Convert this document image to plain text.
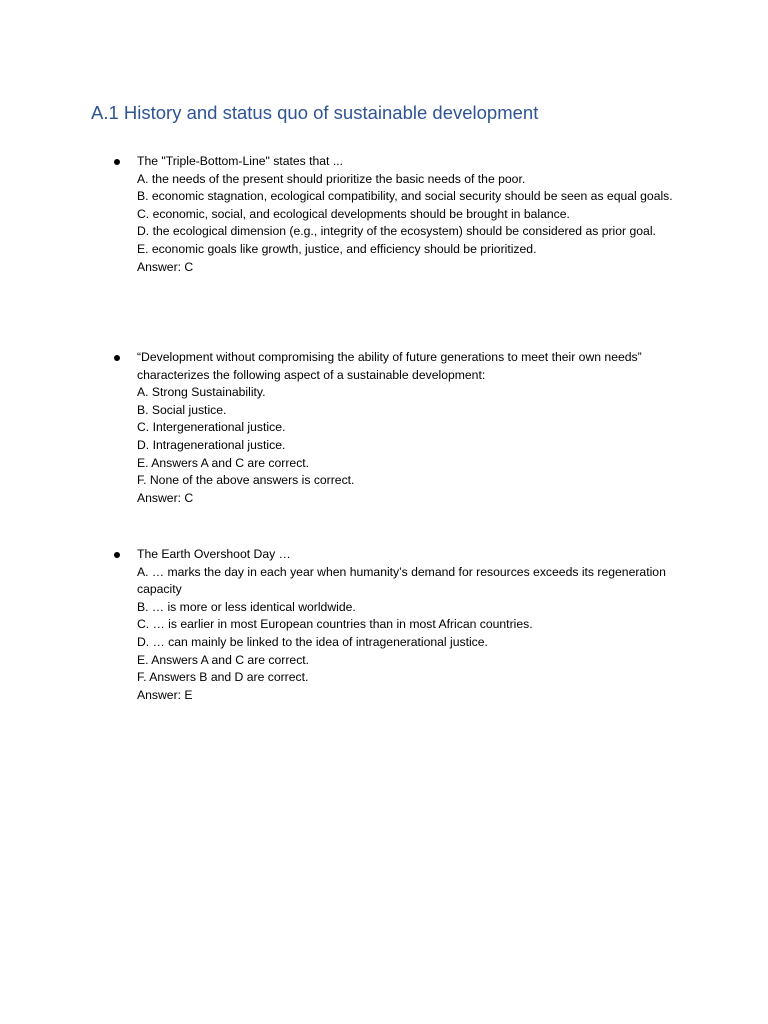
A.1 History and status quo of sustainable development
The "Triple-Bottom-Line" states that ...
A. the needs of the present should prioritize the basic needs of the poor.
B. economic stagnation, ecological compatibility, and social security should be seen as equal goals.
C. economic, social, and ecological developments should be brought in balance.
D. the ecological dimension (e.g., integrity of the ecosystem) should be considered as prior goal.
E. economic goals like growth, justice, and efficiency should be prioritized.
Answer: C
“Development without compromising the ability of future generations to meet their own needs” characterizes the following aspect of a sustainable development:
A. Strong Sustainability.
B. Social justice.
C. Intergenerational justice.
D. Intragenerational justice.
E. Answers A and C are correct.
F. None of the above answers is correct.
Answer: C
The Earth Overshoot Day …
A. … marks the day in each year when humanity’s demand for resources exceeds its regeneration capacity
B. … is more or less identical worldwide.
C. … is earlier in most European countries than in most African countries.
D. … can mainly be linked to the idea of intragenerational justice.
E. Answers A and C are correct.
F. Answers B and D are correct.
Answer: E
